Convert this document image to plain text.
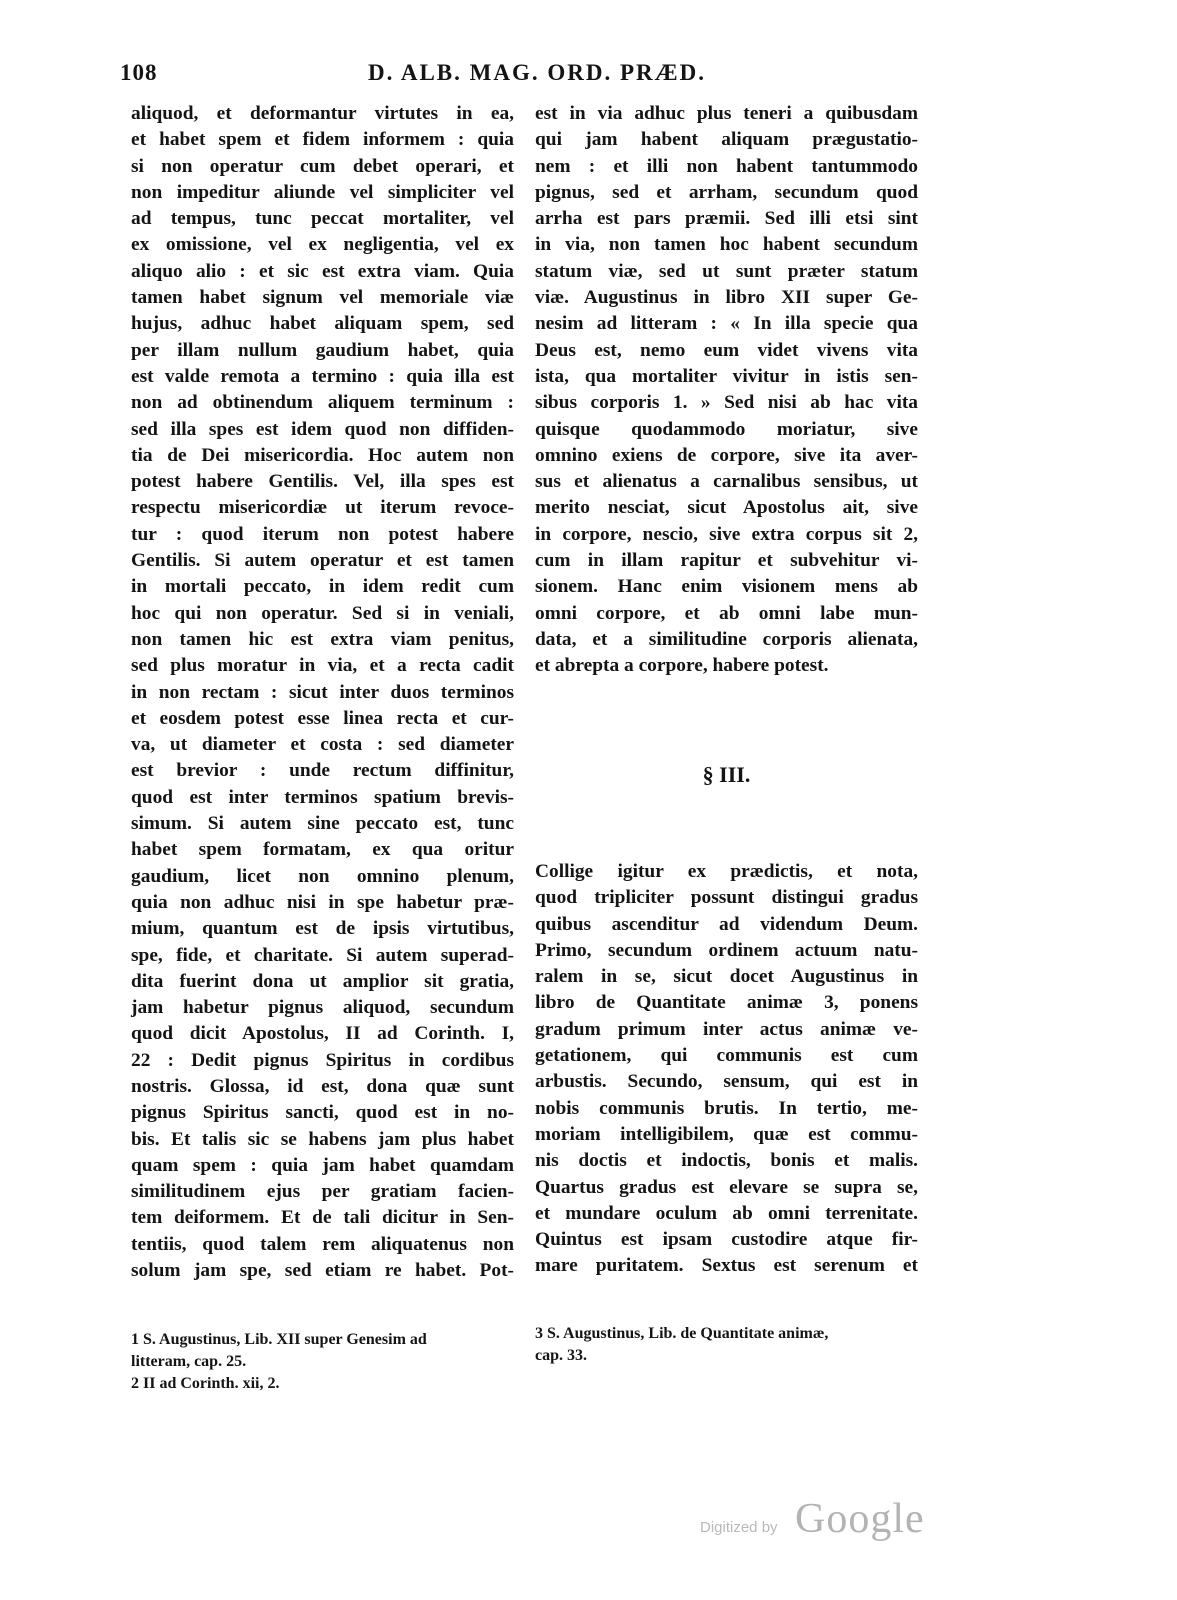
108	D. ALB. MAG. ORD. PRÆD.
aliquod, et deformantur virtutes in ea,
et habet spem et fidem informem : quia
si non operatur cum debet operari, et
non impeditur aliunde vel simpliciter vel
ad tempus, tunc peccat mortaliter, vel
ex omissione, vel ex negligentia, vel ex
aliquo alio : et sic est extra viam. Quia
tamen habet signum vel memoriale viæ
hujus, adhuc habet aliquam spem, sed
per illam nullum gaudium habet, quia
est valde remota a termino : quia illa est
non ad obtinendum aliquem terminum :
sed illa spes est idem quod non diffiden-
tia de Dei misericordia. Hoc autem non
potest habere Gentilis. Vel, illa spes est
respectu misericordiæ ut iterum revoce-
tur : quod iterum non potest habere
Gentilis. Si autem operatur et est tamen
in mortali peccato, in idem redit cum
hoc qui non operatur. Sed si in veniali,
non tamen hic est extra viam penitus,
sed plus moratur in via, et a recta cadit
in non rectam : sicut inter duos terminos
et eosdem potest esse linea recta et cur-
va, ut diameter et costa : sed diameter
est brevior : unde rectum diffinitur,
quod est inter terminos spatium brevis-
simum. Si autem sine peccato est, tunc
habet spem formatam, ex qua oritur
gaudium, licet non omnino plenum,
quia non adhuc nisi in spe habetur præ-
mium, quantum est de ipsis virtutibus,
spe, fide, et charitate. Si autem superad-
dita fuerint dona ut amplior sit gratia,
jam habetur pignus aliquod, secundum
quod dicit Apostolus, II ad Corinth. I,
22 : Dedit pignus Spiritus in cordibus
nostris. Glossa, id est, dona quæ sunt
pignus Spiritus sancti, quod est in no-
bis. Et talis sic se habens jam plus habet
quam spem : quia jam habet quamdam
similitudinem ejus per gratiam facien-
tem deiformem. Et de tali dicitur in Sen-
tentiis, quod talem rem aliquatenus non
solum jam spe, sed etiam re habet. Pot-
est in via adhuc plus teneri a quibusdam
qui jam habent aliquam prægustatio-
nem : et illi non habent tantummodo
pignus, sed et arrham, secundum quod
arrha est pars præmii. Sed illi etsi sint
in via, non tamen hoc habent secundum
statum viæ, sed ut sunt præter statum
viæ. Augustinus in libro XII super Ge-
nesim ad litteram : « In illa specie qua
Deus est, nemo eum videt vivens vita
ista, qua mortaliter vivitur in istis sen-
sibus corporis 1. » Sed nisi ab hac vita
quisque quodammodo moriatur, sive
omnino exiens de corpore, sive ita aver-
sus et alienatus a carnalibus sensibus, ut
merito nesciat, sicut Apostolus ait, sive
in corpore, nescio, sive extra corpus sit 2,
cum in illam rapitur et subvehitur vi-
sionem. Hanc enim visionem mens ab
omni corpore, et ab omni labe mun-
data, et a similitudine corporis alienata,
et abrepta a corpore, habere potest.
§ III.
Collige igitur ex prædictis, et nota,
quod tripliciter possunt distingui gradus
quibus ascenditur ad videndum Deum.
Primo, secundum ordinem actuum natu-
ralem in se, sicut docet Augustinus in
libro de Quantitate animæ 3, ponens
gradum primum inter actus animæ ve-
getationem, qui communis est cum
arbustis. Secundo, sensum, qui est in
nobis communis brutis. In tertio, me-
moriam intelligibilem, quæ est commu-
nis doctis et indoctis, bonis et malis.
Quartus gradus est elevare se supra se,
et mundare oculum ab omni terrenitate.
Quintus est ipsam custodire atque fir-
mare puritatem. Sextus est serenum et
1 S. Augustinus, Lib. XII super Genesim ad
litteram, cap. 25.
2 II ad Corinth. xii, 2.
3 S. Augustinus, Lib. de Quantitate animæ,
cap. 33.
Digitized by Google
